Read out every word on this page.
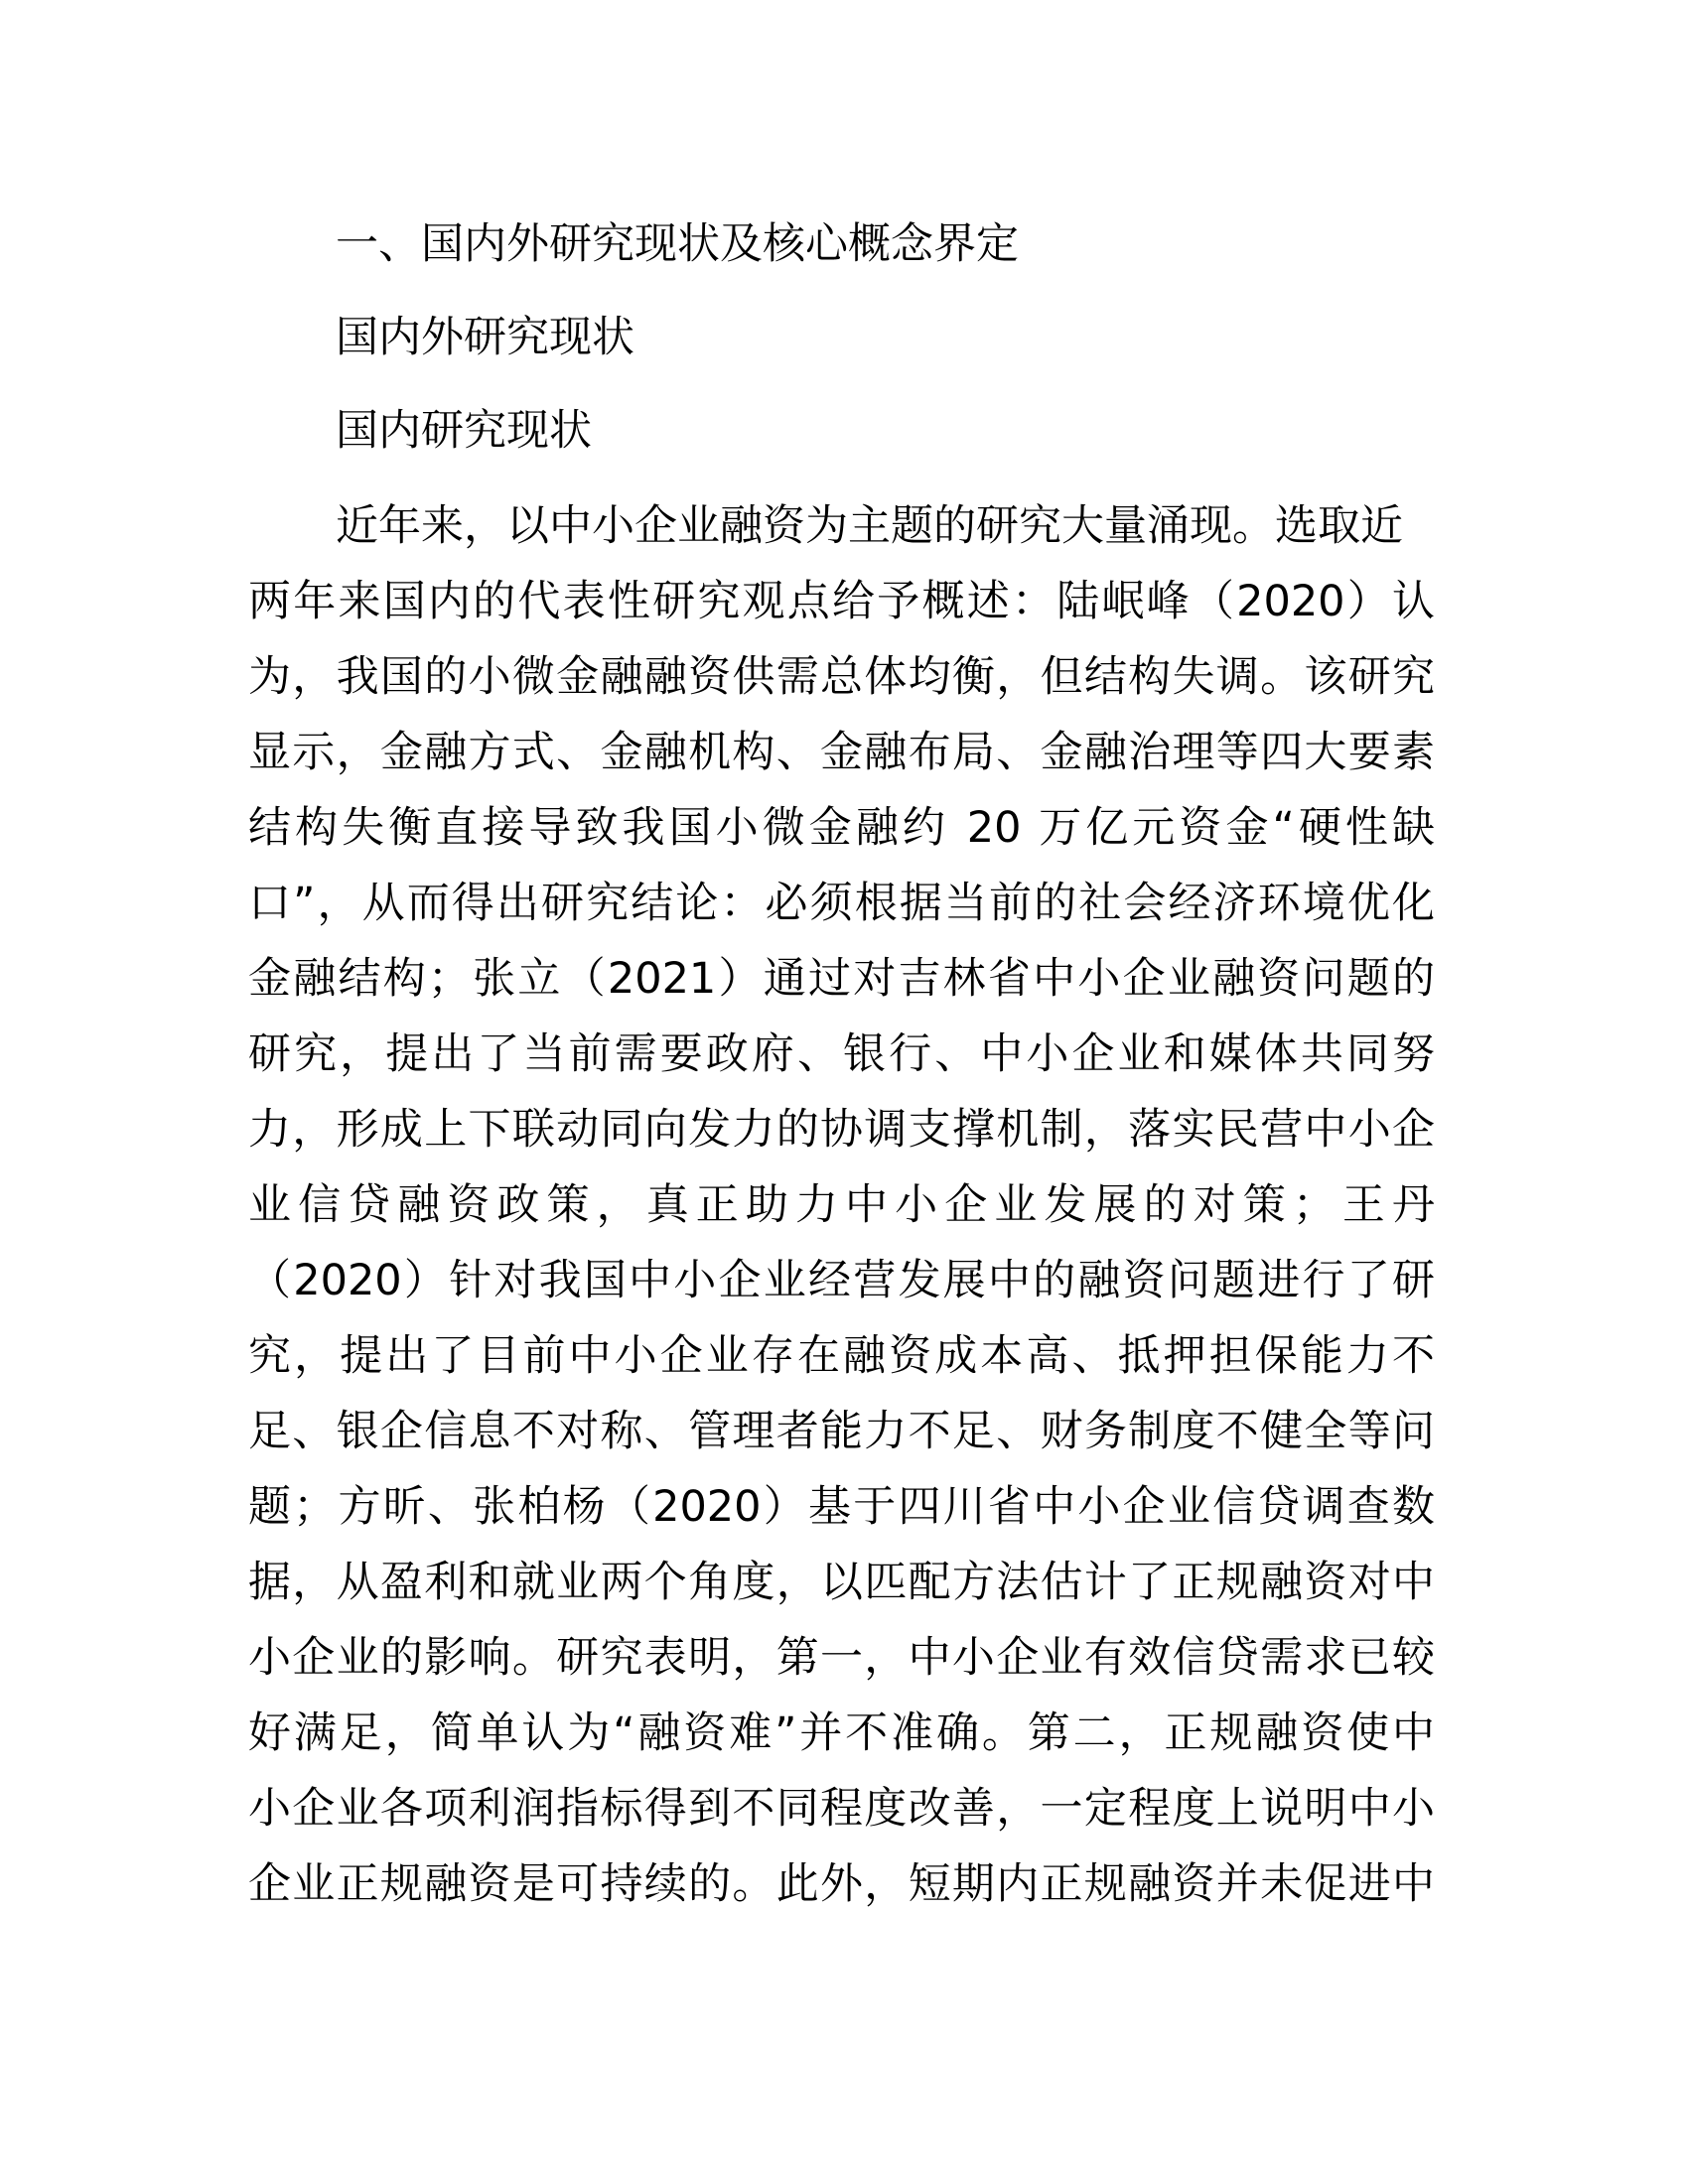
一、国内外研究现状及核心概念界定
国内外研究现状
国内研究现状
近年来，以中小企业融资为主题的研究大量涌现。选取近
两年来国内的代表性研究观点给予概述：陆岷峰（2020）认
为，我国的小微金融融资供需总体均衡，但结构失调。该研究
显示，金融方式、金融机构、金融布局、金融治理等四大要素
结构失衡直接导致我国小微金融约 20 万亿元资金“硬性缺
口”，从而得出研究结论：必须根据当前的社会经济环境优化
金融结构；张立（2021）通过对吉林省中小企业融资问题的
研究，提出了当前需要政府、银行、中小企业和媒体共同努
力，形成上下联动同向发力的协调支撑机制，落实民营中小企
业信贷融资政策，真正助力中小企业发展的对策；王丹
（2020）针对我国中小企业经营发展中的融资问题进行了研
究，提出了目前中小企业存在融资成本高、抵押担保能力不
足、银企信息不对称、管理者能力不足、财务制度不健全等问
题；方昕、张柏杨（2020）基于四川省中小企业信贷调查数
据，从盈利和就业两个角度，以匹配方法估计了正规融资对中
小企业的影响。研究表明，第一，中小企业有效信贷需求已较
好满足，简单认为“融资难”并不准确。第二，正规融资使中
小企业各项利润指标得到不同程度改善，一定程度上说明中小
企业正规融资是可持续的。此外，短期内正规融资并未促进中
